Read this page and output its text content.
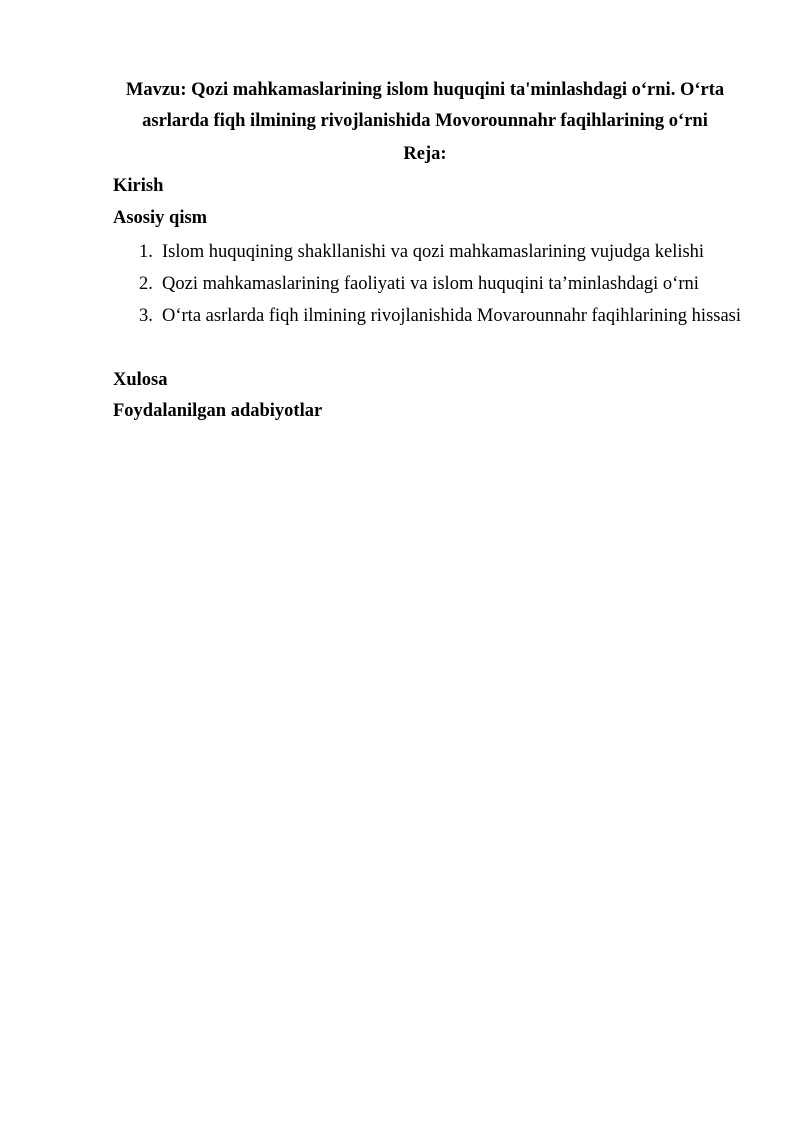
Mavzu: Qozi mahkamaslarining islom huquqini ta'minlashdagi o‘rni. O‘rta asrlarda fiqh ilmining rivojlanishida Movorounnahr faqihlarining o‘rni

Reja:

Kirish

Asosiy qism

1. Islom huquqining shakllanishi va qozi mahkamaslarining vujudga kelishi
2. Qozi mahkamaslarining faoliyati va islom huquqini ta’minlashdagi o‘rni
3. O‘rta asrlarda fiqh ilmining rivojlanishida Movarounnahr faqihlarining hissasi

Xulosa

Foydalanilgan adabiyotlar
